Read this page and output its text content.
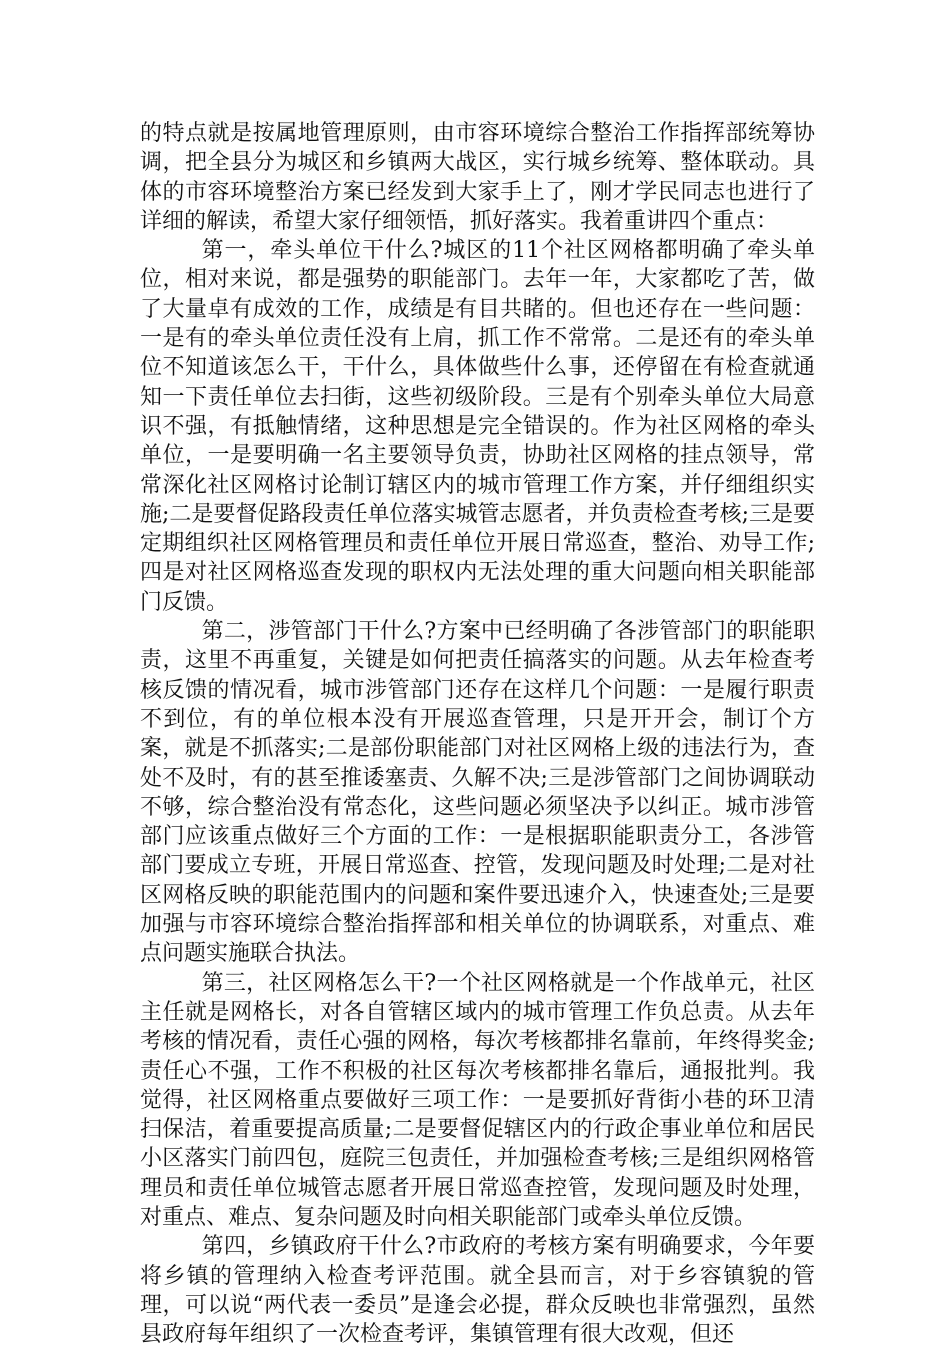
的特点就是按属地管理原则，由市容环境综合整治工作指挥部统筹协调，把全县分为城区和乡镇两大战区，实行城乡统筹、整体联动。具体的市容环境整治方案已经发到大家手上了，刚才学民同志也进行了详细的解读，希望大家仔细领悟，抓好落实。我着重讲四个重点：

第一，牵头单位干什么?城区的11个社区网格都明确了牵头单位，相对来说，都是强势的职能部门。去年一年，大家都吃了苦，做了大量卓有成效的工作，成绩是有目共睹的。但也还存在一些问题：一是有的牵头单位责任没有上肩，抓工作不常常。二是还有的牵头单位不知道该怎么干，干什么，具体做些什么事，还停留在有检查就通知一下责任单位去扫街，这些初级阶段。三是有个别牵头单位大局意识不强，有抵触情绪，这种思想是完全错误的。作为社区网格的牵头单位，一是要明确一名主要领导负责，协助社区网格的挂点领导，常常深化社区网格讨论制订辖区内的城市管理工作方案，并仔细组织实施;二是要督促路段责任单位落实城管志愿者，并负责检查考核;三是要定期组织社区网格管理员和责任单位开展日常巡查，整治、劝导工作;四是对社区网格巡查发现的职权内无法处理的重大问题向相关职能部门反馈。

第二，涉管部门干什么?方案中已经明确了各涉管部门的职能职责，这里不再重复，关键是如何把责任搞落实的问题。从去年检查考核反馈的情况看，城市涉管部门还存在这样几个问题：一是履行职责不到位，有的单位根本没有开展巡查管理，只是开开会，制订个方案，就是不抓落实;二是部份职能部门对社区网格上级的违法行为，查处不及时，有的甚至推诿塞责、久解不决;三是涉管部门之间协调联动不够，综合整治没有常态化，这些问题必须坚决予以纠正。城市涉管部门应该重点做好三个方面的工作：一是根据职能职责分工，各涉管部门要成立专班，开展日常巡查、控管，发现问题及时处理;二是对社区网格反映的职能范围内的问题和案件要迅速介入，快速查处;三是要加强与市容环境综合整治指挥部和相关单位的协调联系，对重点、难点问题实施联合执法。

第三，社区网格怎么干?一个社区网格就是一个作战单元，社区主任就是网格长，对各自管辖区域内的城市管理工作负总责。从去年考核的情况看，责任心强的网格，每次考核都排名靠前，年终得奖金;责任心不强，工作不积极的社区每次考核都排名靠后，通报批判。我觉得，社区网格重点要做好三项工作：一是要抓好背街小巷的环卫清扫保洁，着重要提高质量;二是要督促辖区内的行政企事业单位和居民小区落实门前四包，庭院三包责任，并加强检查考核;三是组织网格管理员和责任单位城管志愿者开展日常巡查控管，发现问题及时处理，对重点、难点、复杂问题及时向相关职能部门或牵头单位反馈。

第四，乡镇政府干什么?市政府的考核方案有明确要求，今年要将乡镇的管理纳入检查考评范围。就全县而言，对于乡容镇貌的管理，可以说“两代表一委员”是逢会必提，群众反映也非常强烈，虽然县政府每年组织了一次检查考评，集镇管理有很大改观，但还
